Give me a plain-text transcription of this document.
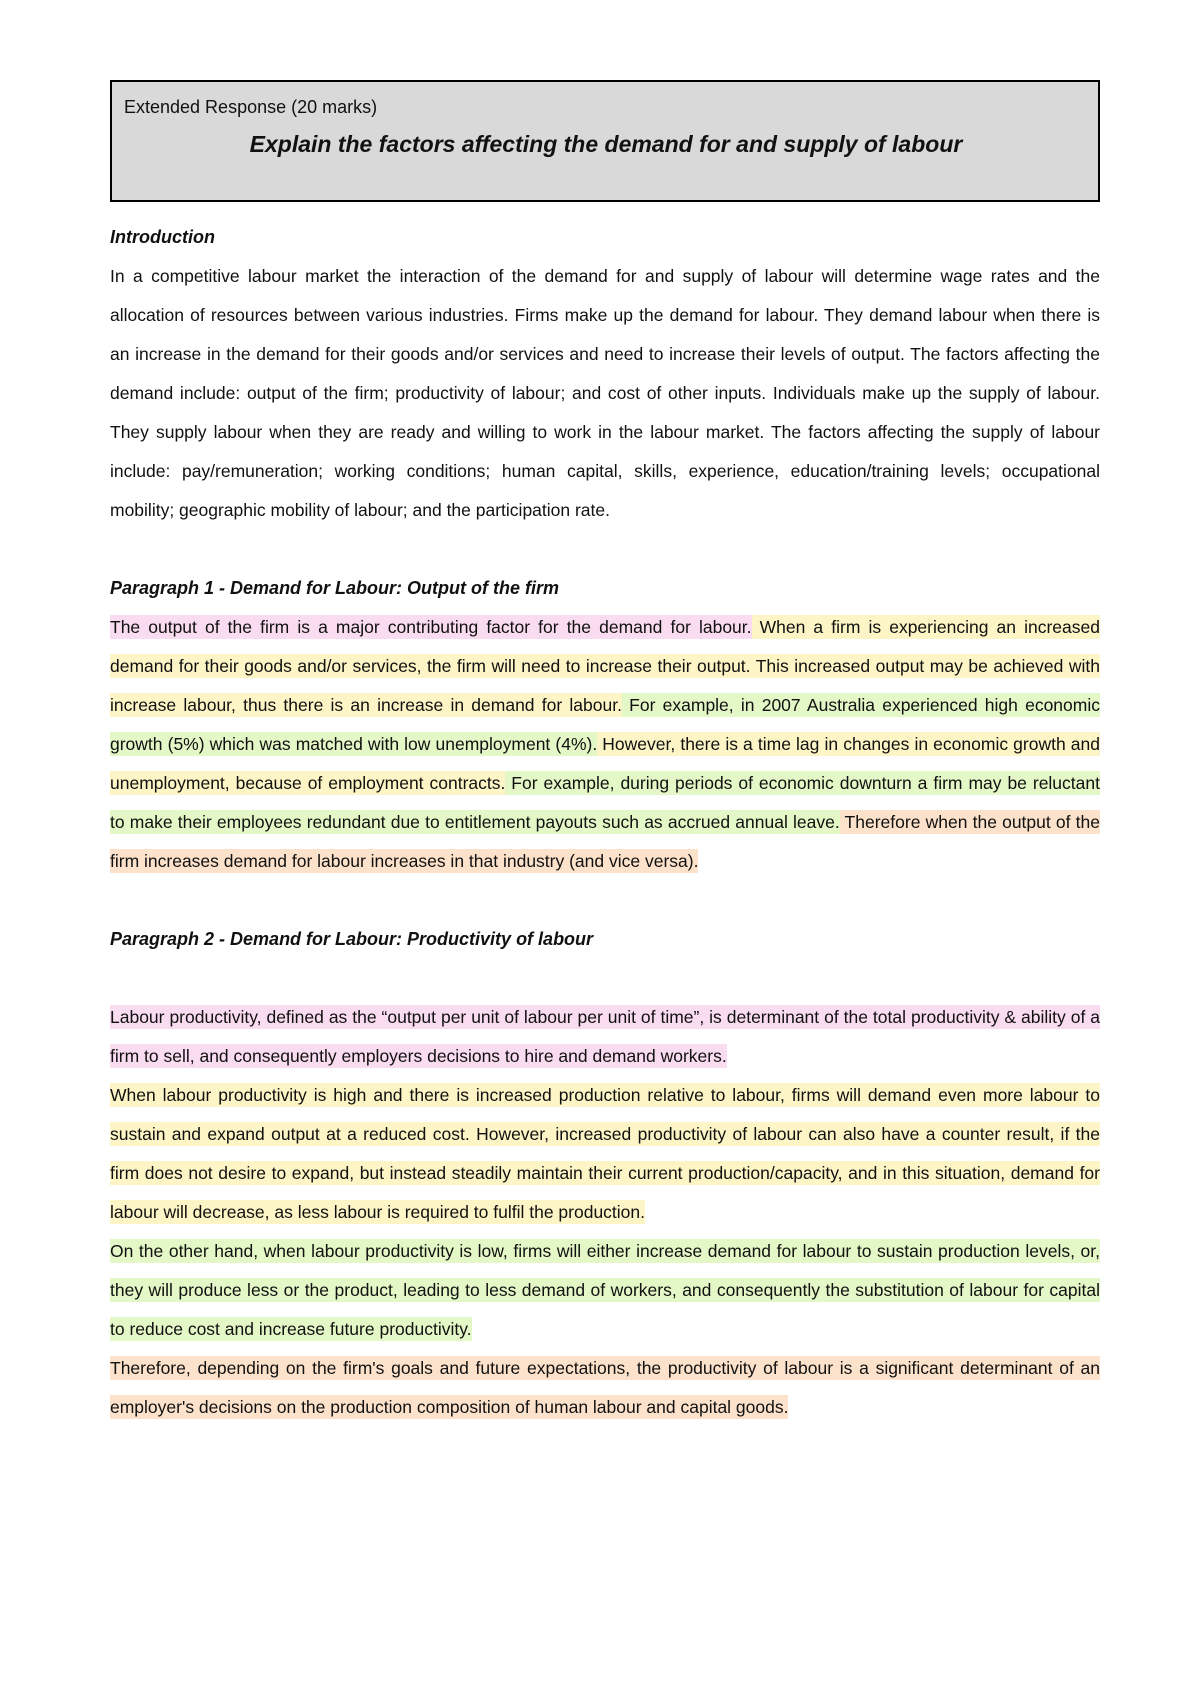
Extended Response (20 marks)
Explain the factors affecting the demand for and supply of labour
Introduction

In a competitive labour market the interaction of the demand for and supply of labour will determine wage rates and the allocation of resources between various industries. Firms make up the demand for labour. They demand labour when there is an increase in the demand for their goods and/or services and need to increase their levels of output. The factors affecting the demand include: output of the firm; productivity of labour; and cost of other inputs. Individuals make up the supply of labour. They supply labour when they are ready and willing to work in the labour market. The factors affecting the supply of labour include: pay/remuneration; working conditions; human capital, skills, experience, education/training levels; occupational mobility; geographic mobility of labour; and the participation rate.

Paragraph 1 - Demand for Labour: Output of the firm

The output of the firm is a major contributing factor for the demand for labour. When a firm is experiencing an increased demand for their goods and/or services, the firm will need to increase their output. This increased output may be achieved with increase labour, thus there is an increase in demand for labour. For example, in 2007 Australia experienced high economic growth (5%) which was matched with low unemployment (4%). However, there is a time lag in changes in economic growth and unemployment, because of employment contracts. For example, during periods of economic downturn a firm may be reluctant to make their employees redundant due to entitlement payouts such as accrued annual leave. Therefore when the output of the firm increases demand for labour increases in that industry (and vice versa).

Paragraph 2 - Demand for Labour: Productivity of labour

Labour productivity, defined as the “output per unit of labour per unit of time”, is determinant of the total productivity & ability of a firm to sell, and consequently employers decisions to hire and demand workers.

When labour productivity is high and there is increased production relative to labour, firms will demand even more labour to sustain and expand output at a reduced cost. However, increased productivity of labour can also have a counter result, if the firm does not desire to expand, but instead steadily maintain their current production/capacity, and in this situation, demand for labour will decrease, as less labour is required to fulfil the production.

On the other hand, when labour productivity is low, firms will either increase demand for labour to sustain production levels, or, they will produce less or the product, leading to less demand of workers, and consequently the substitution of labour for capital to reduce cost and increase future productivity.

Therefore, depending on the firm's goals and future expectations, the productivity of labour is a significant determinant of an employer's decisions on the production composition of human labour and capital goods.
